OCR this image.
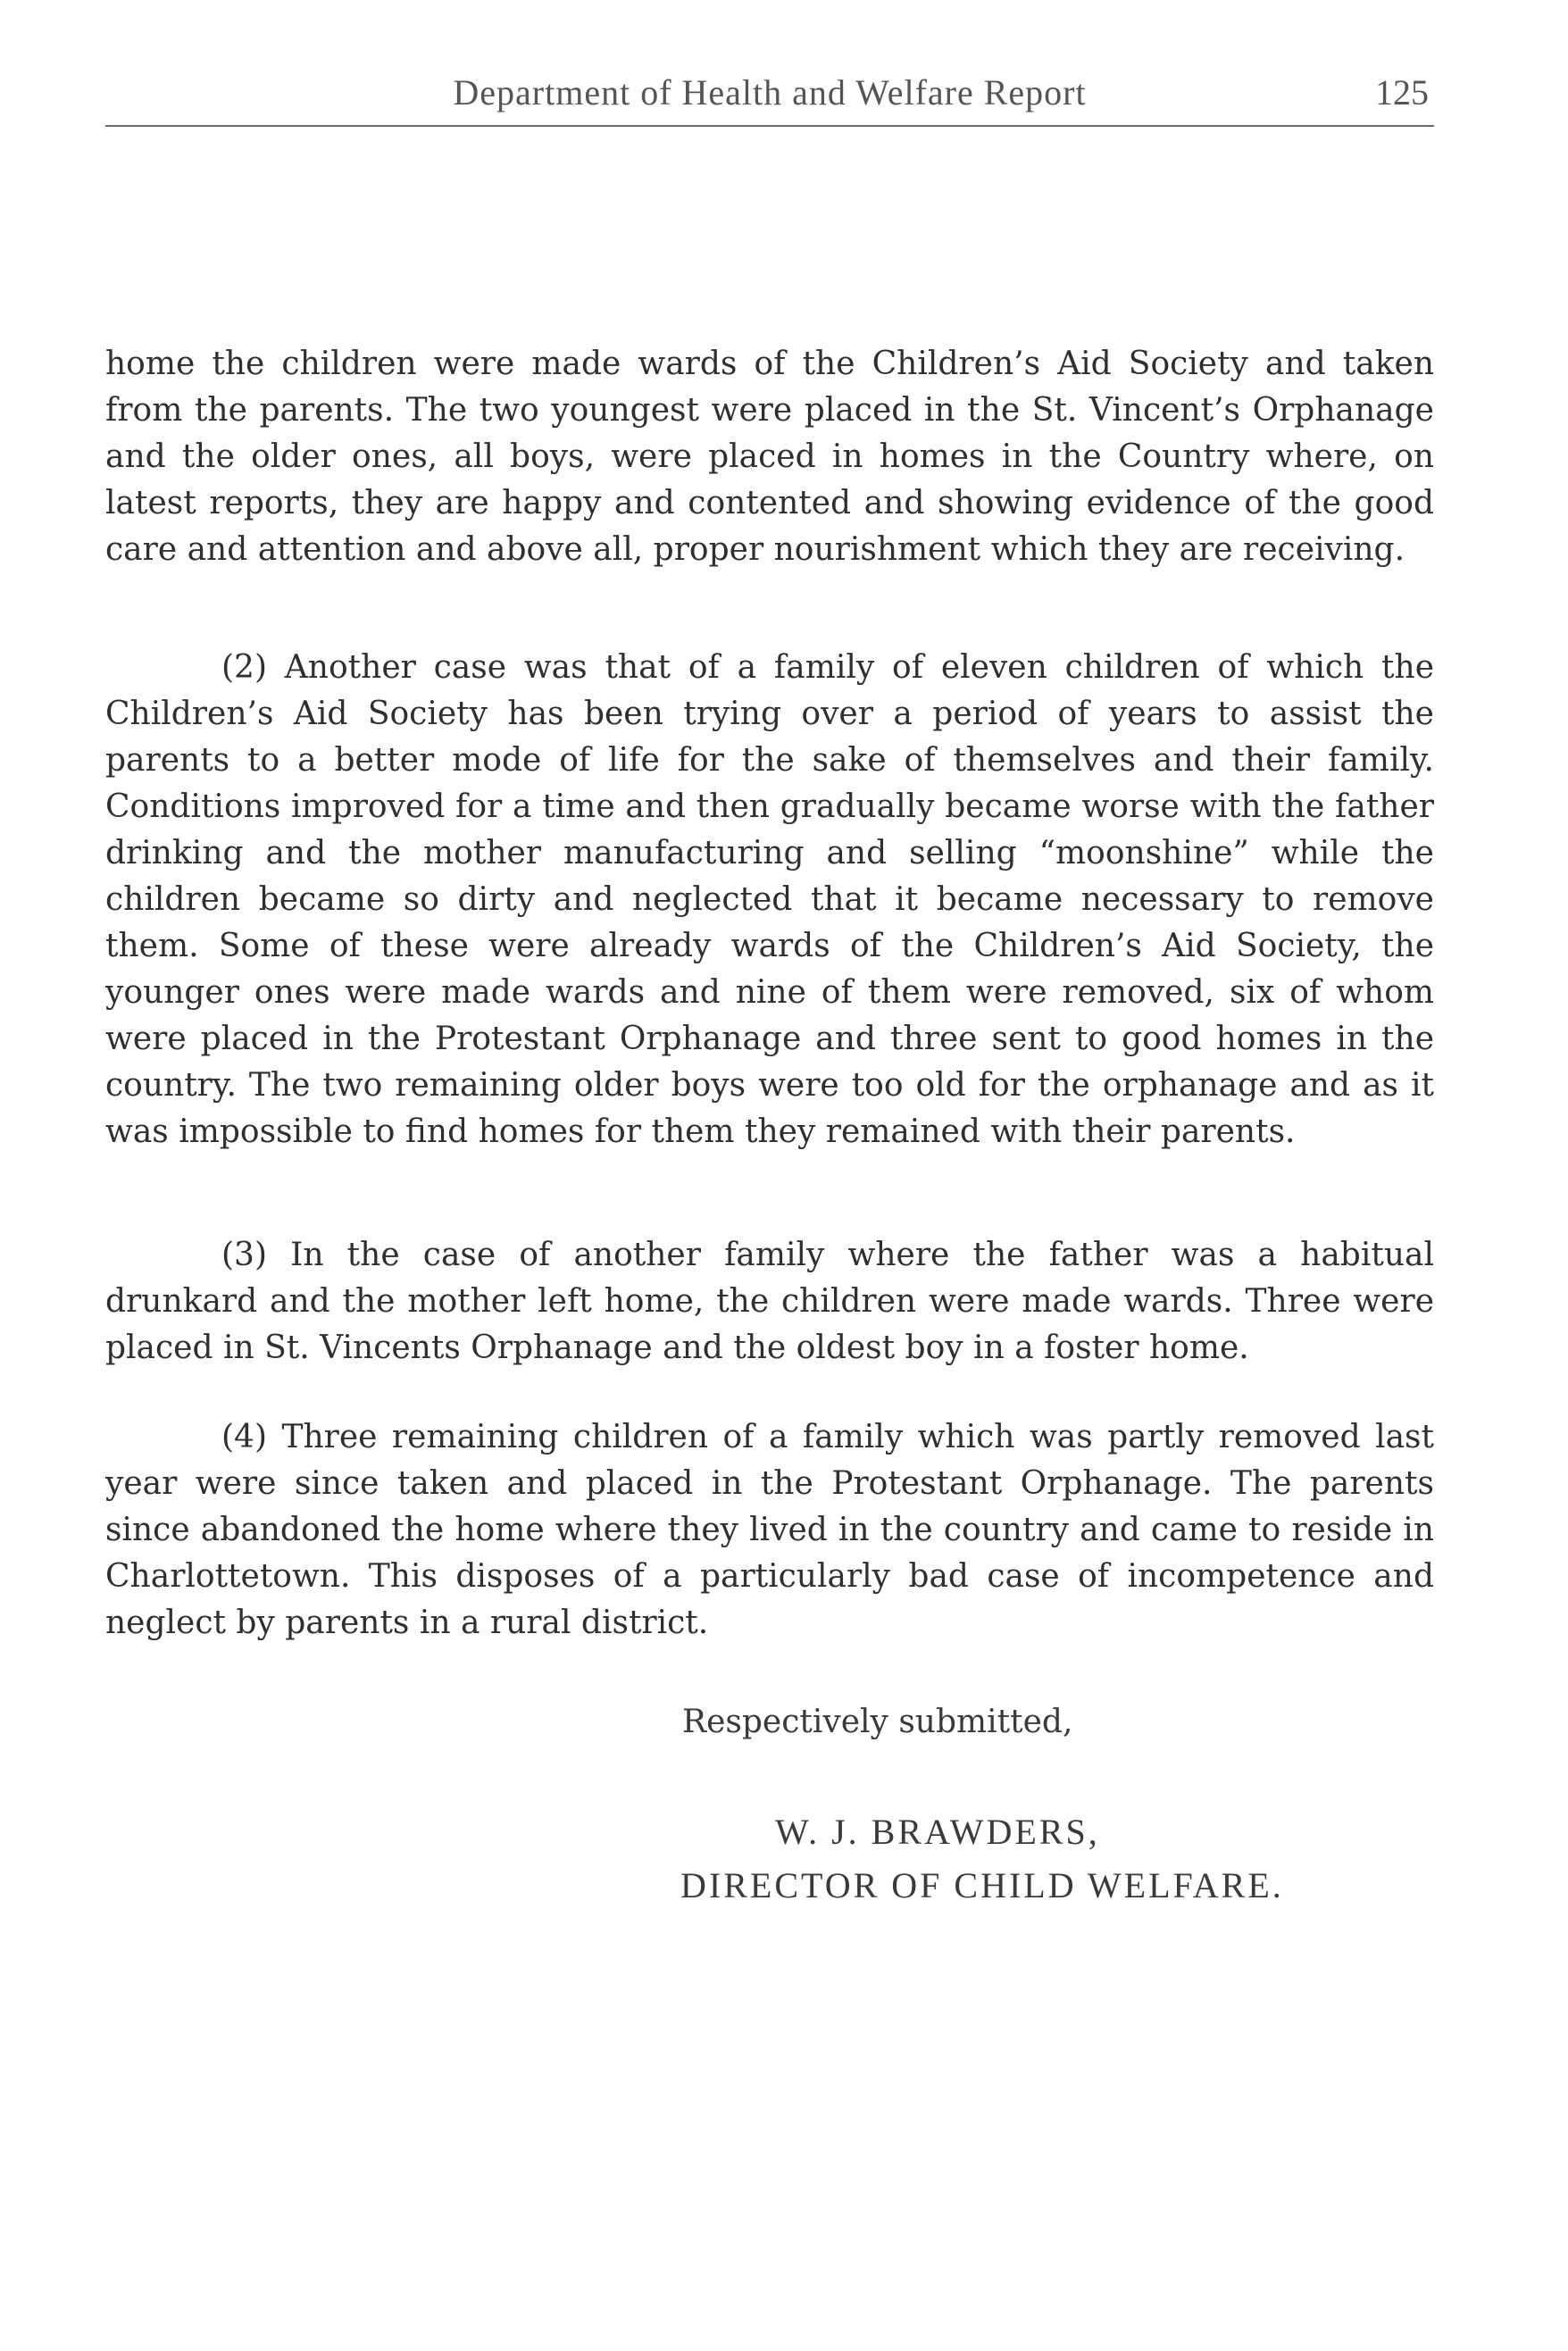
Department of Health and Welfare Report	125

home the children were made wards of the Children’s Aid Society and taken from the parents. The two youngest were placed in the St. Vincent’s Orphanage and the older ones, all boys, were placed in homes in the Country where, on latest reports, they are happy and contented and showing evidence of the good care and attention and above all, proper nourishment which they are receiving.

(2) Another case was that of a family of eleven children of which the Children’s Aid Society has been trying over a period of years to assist the parents to a better mode of life for the sake of themselves and their family. Conditions improved for a time and then gradually became worse with the father drinking and the mother manufacturing and selling “moonshine” while the children became so dirty and neglected that it became necessary to remove them. Some of these were already wards of the Children’s Aid Society, the younger ones were made wards and nine of them were removed, six of whom were placed in the Protestant Orphanage and three sent to good homes in the country. The two remaining older boys were too old for the orphanage and as it was impossible to find homes for them they remained with their parents.

(3) In the case of another family where the father was a habitual drunkard and the mother left home, the children were made wards. Three were placed in St. Vincents Orphanage and the oldest boy in a foster home.

(4) Three remaining children of a family which was partly removed last year were since taken and placed in the Protestant Orphanage. The parents since abandoned the home where they lived in the country and came to reside in Charlottetown. This disposes of a particularly bad case of incompetence and neglect by parents in a rural district.

Respectively submitted,
W. J. BRAWDERS,
DIRECTOR OF CHILD WELFARE.
